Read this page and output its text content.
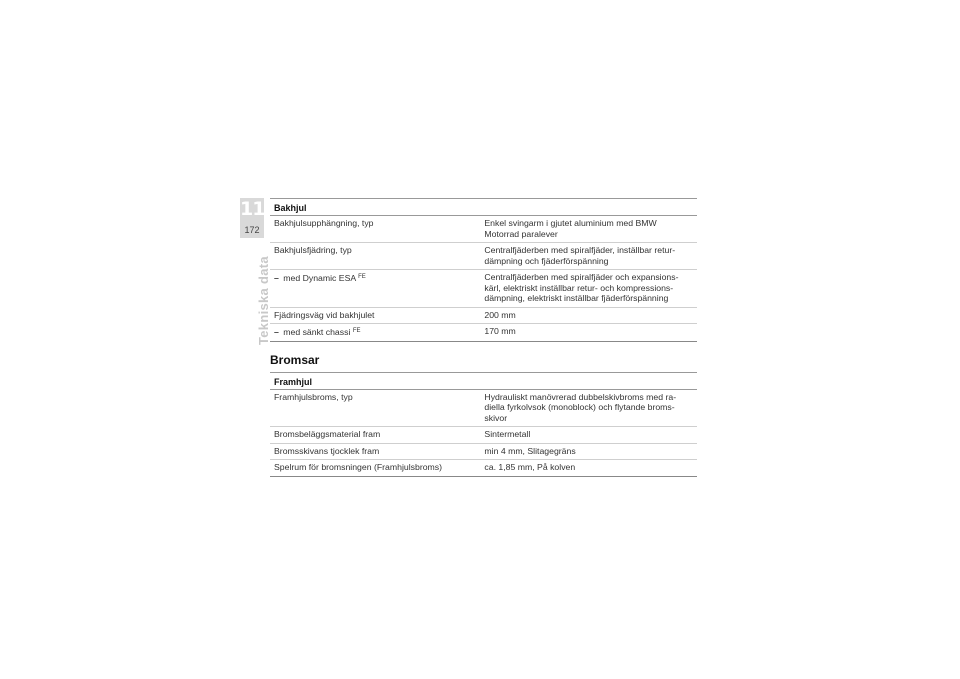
11
172
Tekniska data
Bakhjul	
Bakhjulsupphängning, typ	Enkel svingarm i gjutet aluminium med BMW Motorrad paralever
Bakhjulsfjädring, typ	Centralfjäderben med spiralfjäder, inställbar retur-dämpning och fjäderförspänning
– med Dynamic ESA $^{FE}$	Centralfjäderben med spiralfjäder och expansions-kärl, elektriskt inställbar retur- och kompressions-dämpning, elektriskt inställbar fjäderförspänning
Fjädringsväg vid bakhjulet	200 mm
– med sänkt chassi $^{FE}$	170 mm
Bromsar
Framhjul	
Framhjulsbroms, typ	Hydrauliskt manövrerad dubbelskivbroms med ra-diella fyrkolvsok (monoblock) och flytande broms-skivor
Bromsbeläggsmaterial fram	Sintermetall
Bromsskivans tjocklek fram	min 4 mm, Slitagegräns
Spelrum för bromsningen (Framhjulsbroms)	ca. 1,85 mm, På kolven
